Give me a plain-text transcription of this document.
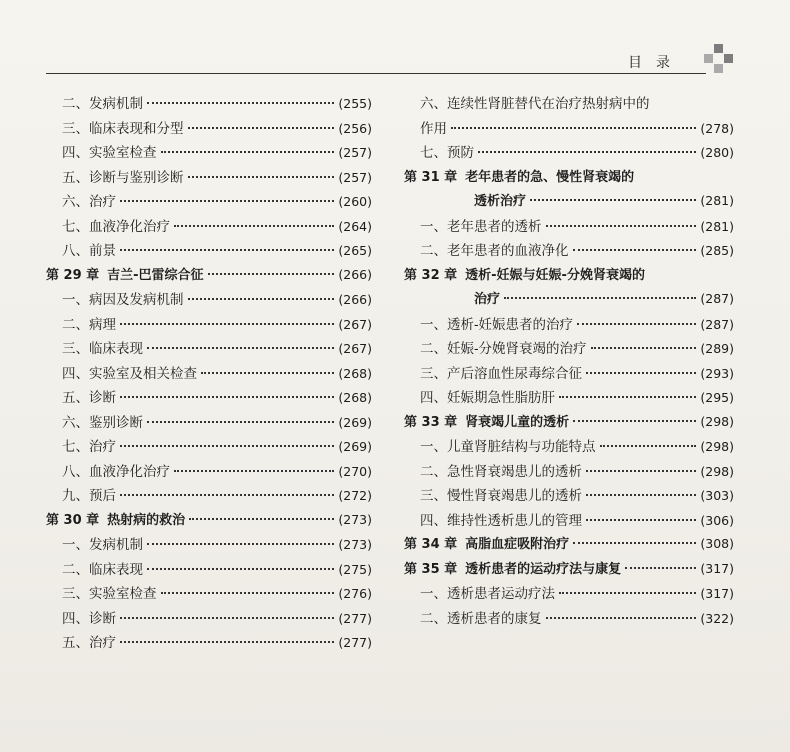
目录
二、发病机制	(255)
三、临床表现和分型	(256)
四、实验室检查	(257)
五、诊断与鉴别诊断	(257)
六、治疗	(260)
七、血液净化治疗	(264)
八、前景	(265)
第 29 章 吉兰-巴雷综合征	(266)
一、病因及发病机制	(266)
二、病理	(267)
三、临床表现	(267)
四、实验室及相关检查	(268)
五、诊断	(268)
六、鉴别诊断	(269)
七、治疗	(269)
八、血液净化治疗	(270)
九、预后	(272)
第 30 章 热射病的救治	(273)
一、发病机制	(273)
二、临床表现	(275)
三、实验室检查	(276)
四、诊断	(277)
五、治疗	(277)
六、连续性肾脏替代在治疗热射病中的
作用	(278)
七、预防	(280)
第 31 章 老年患者的急、慢性肾衰竭的
透析治疗	(281)
一、老年患者的透析	(281)
二、老年患者的血液净化	(285)
第 32 章 透析-妊娠与妊娠-分娩肾衰竭的
治疗	(287)
一、透析-妊娠患者的治疗	(287)
二、妊娠-分娩肾衰竭的治疗	(289)
三、产后溶血性尿毒综合征	(293)
四、妊娠期急性脂肪肝	(295)
第 33 章 肾衰竭儿童的透析	(298)
一、儿童肾脏结构与功能特点	(298)
二、急性肾衰竭患儿的透析	(298)
三、慢性肾衰竭患儿的透析	(303)
四、维持性透析患儿的管理	(306)
第 34 章 高脂血症吸附治疗	(308)
第 35 章 透析患者的运动疗法与康复	(317)
一、透析患者运动疗法	(317)
二、透析患者的康复	(322)
